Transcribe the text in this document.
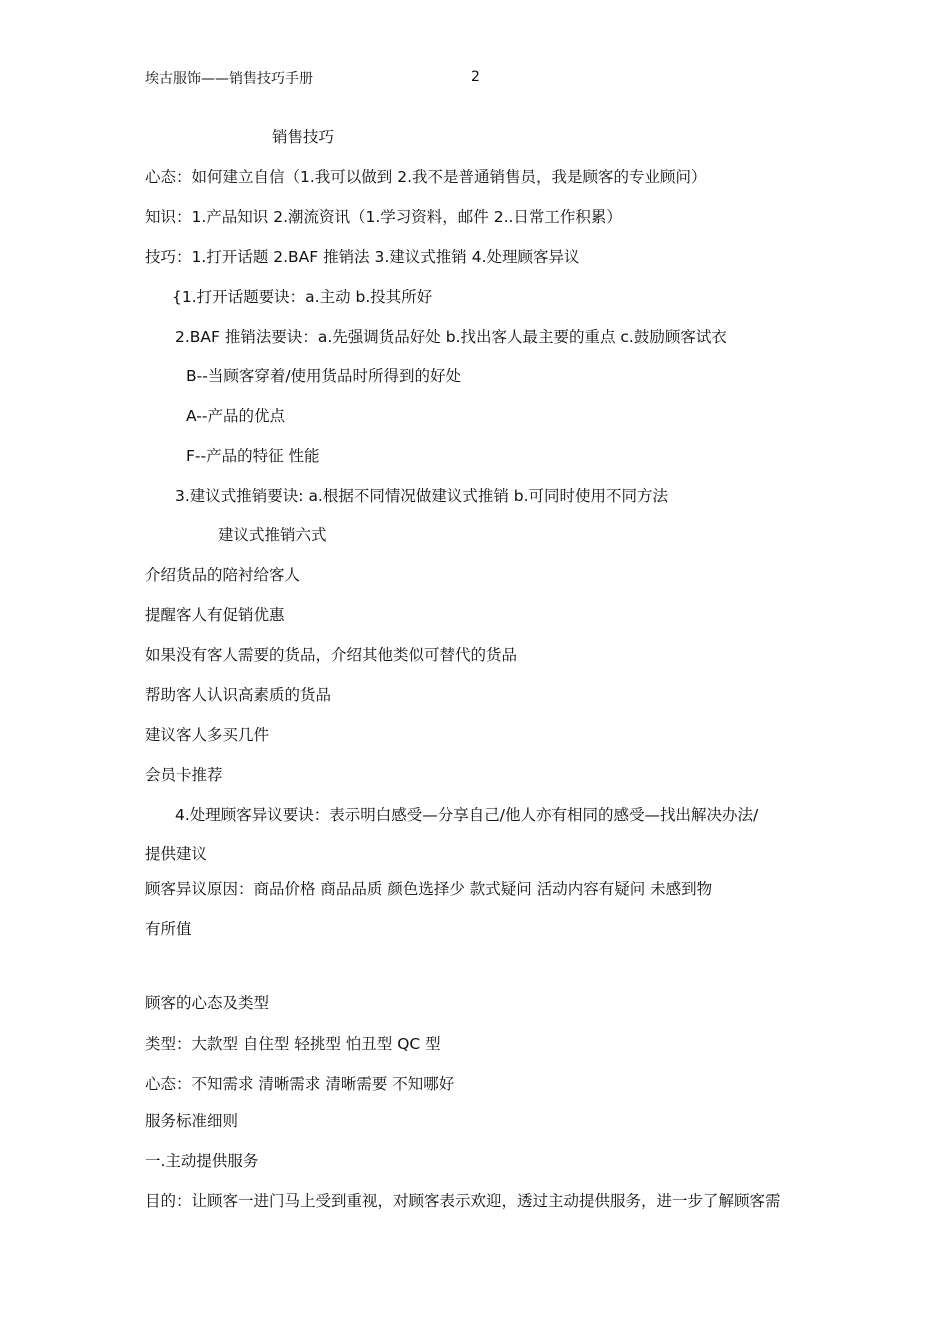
埃古服饰——销售技巧手册	2
销售技巧
心态：如何建立自信（1.我可以做到 2.我不是普通销售员，我是顾客的专业顾问）
知识：1.产品知识 2.潮流资讯（1.学习资料，邮件 2..日常工作积累）
技巧：1.打开话题 2.BAF 推销法 3.建议式推销 4.处理顾客异议
{1.打开话题要诀：a.主动 b.投其所好
2.BAF 推销法要诀：a.先强调货品好处 b.找出客人最主要的重点 c.鼓励顾客试衣
B--当顾客穿着/使用货品时所得到的好处
A--产品的优点
F--产品的特征 性能
3.建议式推销要诀: a.根据不同情况做建议式推销 b.可同时使用不同方法
建议式推销六式
介绍货品的陪衬给客人
提醒客人有促销优惠
如果没有客人需要的货品，介绍其他类似可替代的货品
帮助客人认识高素质的货品
建议客人多买几件
会员卡推荐
4.处理顾客异议要诀：表示明白感受—分享自己/他人亦有相同的感受—找出解决办法/
提供建议
顾客异议原因：商品价格 商品品质 颜色选择少 款式疑问 活动内容有疑问 未感到物
有所值
顾客的心态及类型
类型：大款型 自住型 轻挑型 怕丑型 QC 型
心态：不知需求 清晰需求 清晰需要 不知哪好
服务标准细则
一.主动提供服务
目的：让顾客一进门马上受到重视，对顾客表示欢迎，透过主动提供服务，进一步了解顾客需
